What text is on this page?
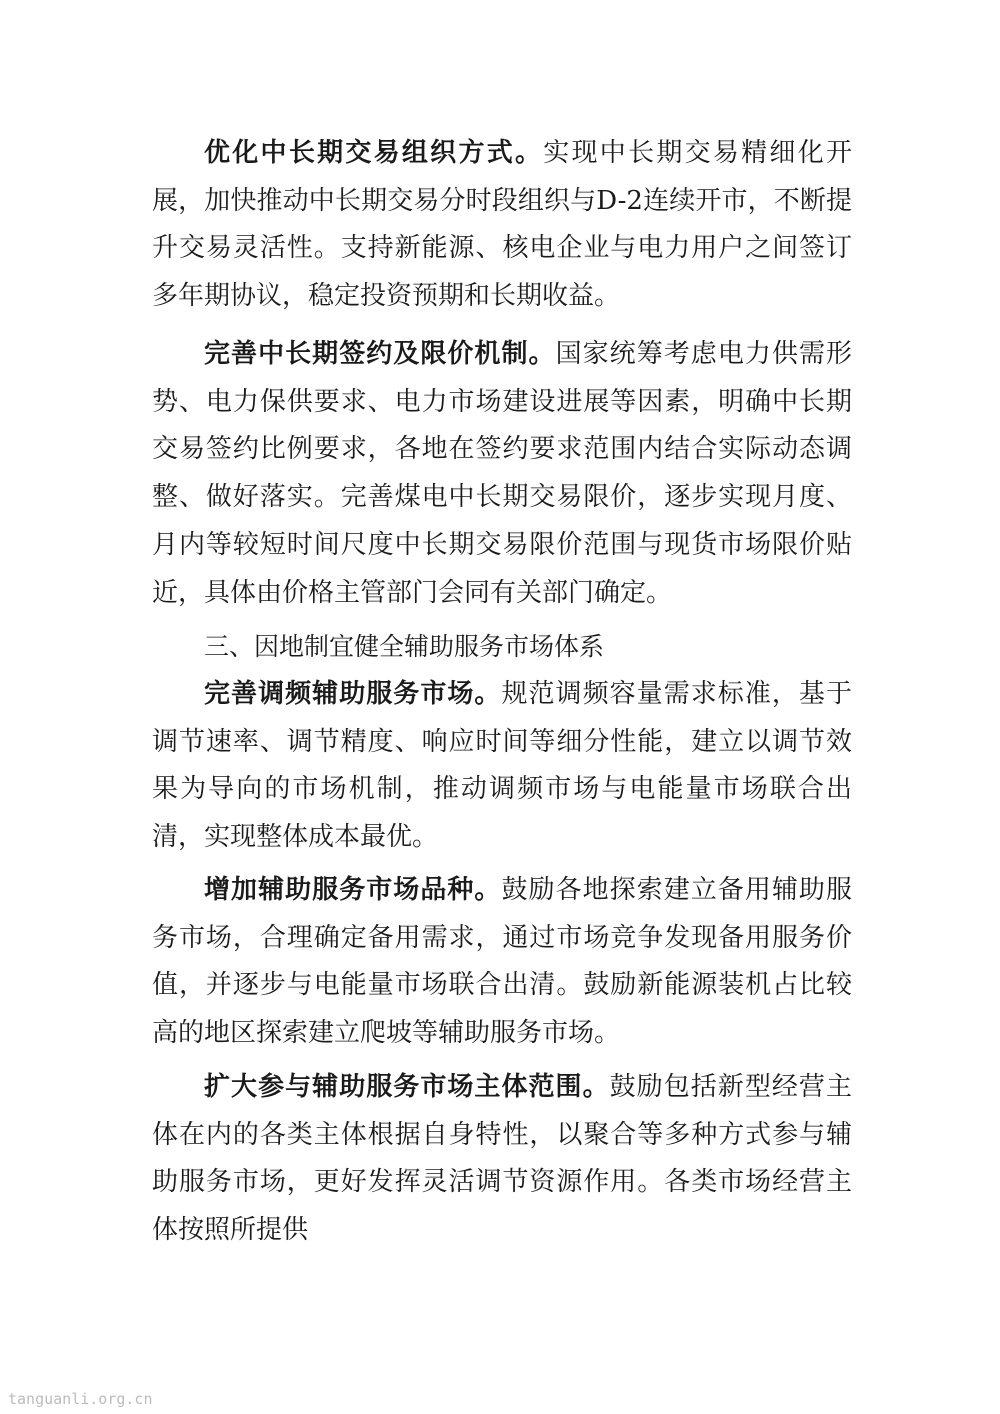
优化中长期交易组织方式。实现中长期交易精细化开展，加快推动中长期交易分时段组织与D-2连续开市，不断提升交易灵活性。支持新能源、核电企业与电力用户之间签订多年期协议，稳定投资预期和长期收益。

完善中长期签约及限价机制。国家统筹考虑电力供需形势、电力保供要求、电力市场建设进展等因素，明确中长期交易签约比例要求，各地在签约要求范围内结合实际动态调整、做好落实。完善煤电中长期交易限价，逐步实现月度、月内等较短时间尺度中长期交易限价范围与现货市场限价贴近，具体由价格主管部门会同有关部门确定。

三、因地制宜健全辅助服务市场体系

完善调频辅助服务市场。规范调频容量需求标准，基于调节速率、调节精度、响应时间等细分性能，建立以调节效果为导向的市场机制，推动调频市场与电能量市场联合出清，实现整体成本最优。

增加辅助服务市场品种。鼓励各地探索建立备用辅助服务市场，合理确定备用需求，通过市场竞争发现备用服务价值，并逐步与电能量市场联合出清。鼓励新能源装机占比较高的地区探索建立爬坡等辅助服务市场。

扩大参与辅助服务市场主体范围。鼓励包括新型经营主体在内的各类主体根据自身特性，以聚合等多种方式参与辅助服务市场，更好发挥灵活调节资源作用。各类市场经营主体按照所提供

tanguanli.org.cn
